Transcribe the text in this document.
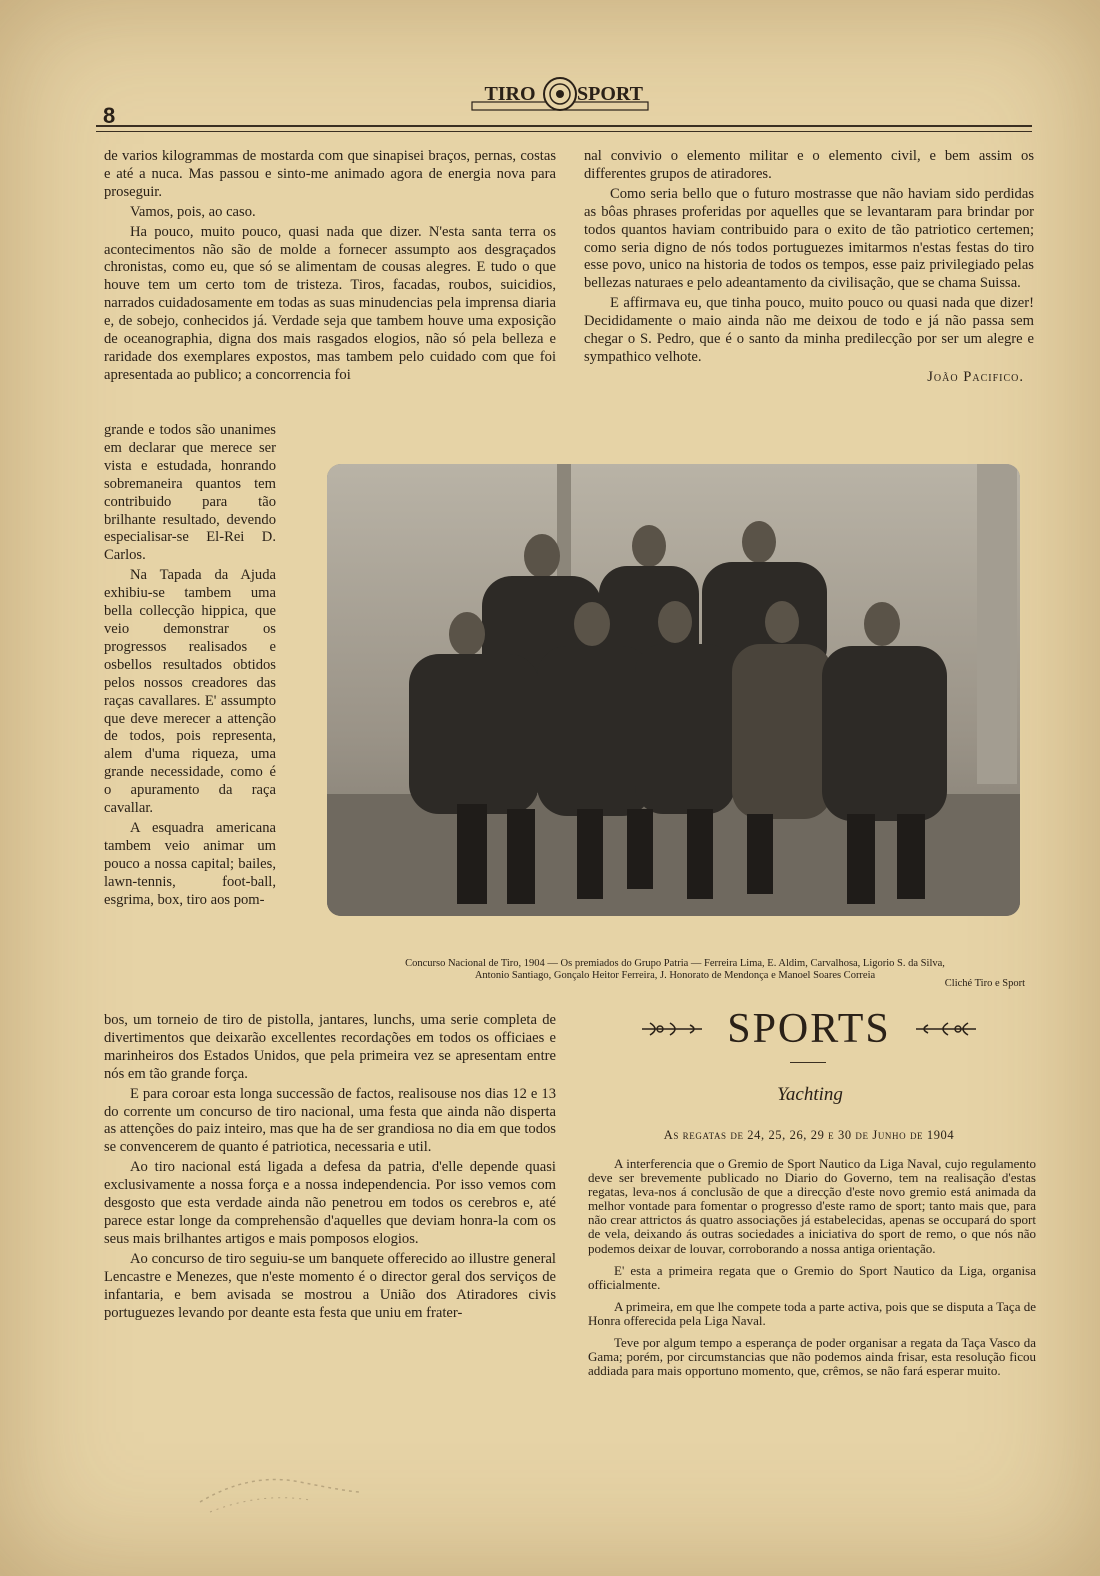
8
TIRO SPORT

de varios kilogrammas de mostarda com que sinapisei braços, pernas, costas e até a nuca. Mas passou e sinto-me animado agora de energia nova para proseguir.

Vamos, pois, ao caso.

Ha pouco, muito pouco, quasi nada que dizer. N'esta santa terra os acontecimentos não são de molde a fornecer assumpto aos desgraçados chronistas, como eu, que só se alimentam de cousas alegres. E tudo o que houve tem um certo tom de tristeza. Tiros, facadas, roubos, suicidios, narrados cuidadosamente em todas as suas minudencias pela imprensa diaria e, de sobejo, conhecidos já. Verdade seja que tambem houve uma exposição de oceanographia, digna dos mais rasgados elogios, não só pela belleza e raridade dos exemplares expostos, mas tambem pelo cuidado com que foi apresentada ao publico; a concorrencia foi

grande e todos são unanimes em declarar que merece ser vista e estudada, honrando sobremaneira quantos tem contribuido para tão brilhante resultado, devendo especialisar-se El-Rei D. Carlos.

Na Tapada da Ajuda exhibiu-se tambem uma bella collecção hippica, que veio demonstrar os progressos realisados e osbellos resultados obtidos pelos nossos creadores das raças cavallares. E' assumpto que deve merecer a attenção de todos, pois representa, alem d'uma riqueza, uma grande necessidade, como é o apuramento da raça cavallar.

A esquadra americana tambem veio animar um pouco a nossa capital; bailes, lawn-tennis, foot-ball, esgrima, box, tiro aos pom-

bos, um torneio de tiro de pistolla, jantares, lunchs, uma serie completa de divertimentos que deixarão excellentes recordações em todos os officiaes e marinheiros dos Estados Unidos, que pela primeira vez se apresentam entre nós em tão grande força.

E para coroar esta longa successão de factos, realisouse nos dias 12 e 13 do corrente um concurso de tiro nacional, uma festa que ainda não disperta as attenções do paiz inteiro, mas que ha de ser grandiosa no dia em que todos se convencerem de quanto é patriotica, necessaria e util.

Ao tiro nacional está ligada a defesa da patria, d'elle depende quasi exclusivamente a nossa força e a nossa independencia. Por isso vemos com desgosto que esta verdade ainda não penetrou em todos os cerebros e, até parece estar longe da comprehensão d'aquelles que deviam honra-la com os seus mais brilhantes artigos e mais pomposos elogios.

Ao concurso de tiro seguiu-se um banquete offerecido ao illustre general Lencastre e Menezes, que n'este momento é o director geral dos serviços de infantaria, e bem avisada se mostrou a União dos Atiradores civis portuguezes levando por deante esta festa que uniu em frater-

nal convivio o elemento militar e o elemento civil, e bem assim os differentes grupos de atiradores.

Como seria bello que o futuro mostrasse que não haviam sido perdidas as bôas phrases proferidas por aquelles que se levantaram para brindar por todos quantos haviam contribuido para o exito de tão patriotico certemen; como seria digno de nós todos portuguezes imitarmos n'estas festas do tiro esse povo, unico na historia de todos os tempos, esse paiz privilegiado pelas bellezas naturaes e pelo adeantamento da civilisação, que se chama Suissa.

E affirmava eu, que tinha pouco, muito pouco ou quasi nada que dizer! Decididamente o maio ainda não me deixou de todo e já não passa sem chegar o S. Pedro, que é o santo da minha predilecção por ser um alegre e sympathico velhote.

João Pacifico.

Concurso Nacional de Tiro, 1904 — Os premiados do Grupo Patria — Ferreira Lima, E. Aldim, Carvalhosa, Ligorio S. da Silva,
Antonio Santiago, Gonçalo Heitor Ferreira, J. Honorato de Mendonça e Manoel Soares Correia
Cliché Tiro e Sport
SPORTS
Yachting
As regatas de 24, 25, 26, 29 e 30 de Junho de 1904

A interferencia que o Gremio de Sport Nautico da Liga Naval, cujo regulamento deve ser brevemente publicado no Diario do Governo, tem na realisação d'estas regatas, leva-nos á conclusão de que a direcção d'este novo gremio está animada da melhor vontade para fomentar o progresso d'este ramo de sport; tanto mais que, para não crear attrictos ás quatro associações já estabelecidas, apenas se occupará do sport de vela, deixando ás outras sociedades a iniciativa do sport de remo, o que nós não podemos deixar de louvar, corroborando a nossa antiga orientação.

E' esta a primeira regata que o Gremio do Sport Nautico da Liga, organisa officialmente.

A primeira, em que lhe compete toda a parte activa, pois que se disputa a Taça de Honra offerecida pela Liga Naval.

Teve por algum tempo a esperança de poder organisar a regata da Taça Vasco da Gama; porém, por circumstancias que não podemos ainda frisar, esta resolução ficou addiada para mais opportuno momento, que, crêmos, se não fará esperar muito.
